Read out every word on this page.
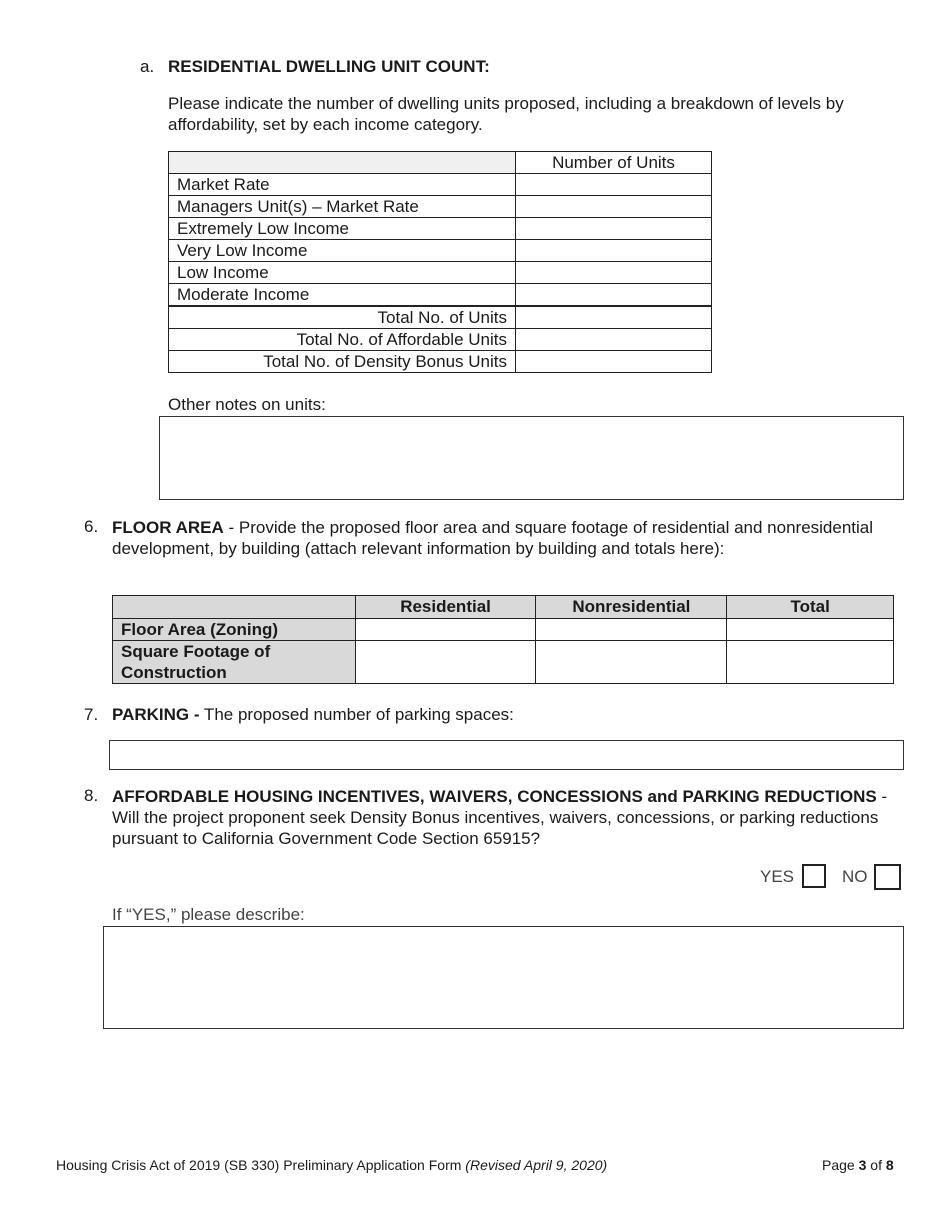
a. RESIDENTIAL DWELLING UNIT COUNT:
Please indicate the number of dwelling units proposed, including a breakdown of levels by affordability, set by each income category.
	Number of Units
Market Rate	
Managers Unit(s) – Market Rate	
Extremely Low Income	
Very Low Income	
Low Income	
Moderate Income	
Total No. of Units	
Total No. of Affordable Units	
Total No. of Density Bonus Units	
Other notes on units:
6. FLOOR AREA - Provide the proposed floor area and square footage of residential and nonresidential development, by building (attach relevant information by building and totals here):
	Residential	Nonresidential	Total
Floor Area (Zoning)			
Square Footage of Construction			
7. PARKING - The proposed number of parking spaces:
8. AFFORDABLE HOUSING INCENTIVES, WAIVERS, CONCESSIONS and PARKING REDUCTIONS - Will the project proponent seek Density Bonus incentives, waivers, concessions, or parking reductions pursuant to California Government Code Section 65915?
YES	NO
If “YES,” please describe:
Housing Crisis Act of 2019 (SB 330) Preliminary Application Form (Revised April 9, 2020)	Page 3 of 8
